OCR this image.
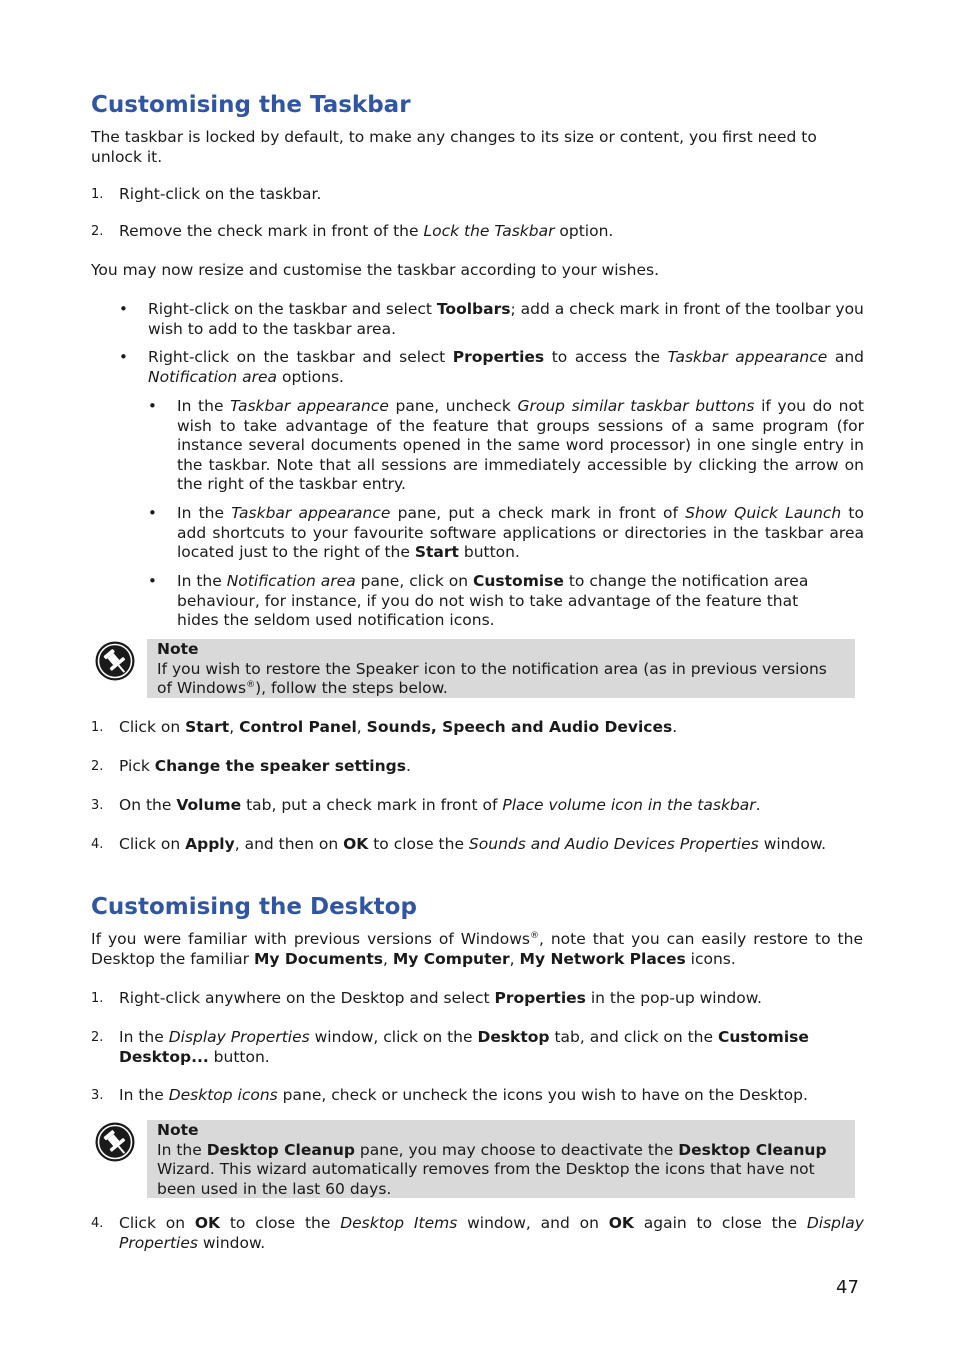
Customising the Taskbar

The taskbar is locked by default, to make any changes to its size or content, you first need to unlock it.

1.	Right-click on the taskbar.

2.	Remove the check mark in front of the Lock the Taskbar option.

You may now resize and customise the taskbar according to your wishes.

•	Right-click on the taskbar and select Toolbars; add a check mark in front of the toolbar you wish to add to the taskbar area.

•	Right-click on the taskbar and select Properties to access the Taskbar appearance and Notification area options.

•	In the Taskbar appearance pane, uncheck Group similar taskbar buttons if you do not wish to take advantage of the feature that groups sessions of a same program (for instance several documents opened in the same word processor) in one single entry in the taskbar. Note that all sessions are immediately accessible by clicking the arrow on the right of the taskbar entry.

•	In the Taskbar appearance pane, put a check mark in front of Show Quick Launch to add shortcuts to your favourite software applications or directories in the taskbar area located just to the right of the Start button.

•	In the Notification area pane, click on Customise to change the notification area behaviour, for instance, if you do not wish to take advantage of the feature that hides the seldom used notification icons.

Note
If you wish to restore the Speaker icon to the notification area (as in previous versions of Windows®), follow the steps below.
1.	Click on Start, Control Panel, Sounds, Speech and Audio Devices.

2.	Pick Change the speaker settings.

3.	On the Volume tab, put a check mark in front of Place volume icon in the taskbar.

4.	Click on Apply, and then on OK to close the Sounds and Audio Devices Properties window.

Customising the Desktop

If you were familiar with previous versions of Windows®, note that you can easily restore to the Desktop the familiar My Documents, My Computer, My Network Places icons.

1.	Right-click anywhere on the Desktop and select Properties in the pop-up window.

2.	In the Display Properties window, click on the Desktop tab, and click on the Customise Desktop... button.

3.	In the Desktop icons pane, check or uncheck the icons you wish to have on the Desktop.

Note
In the Desktop Cleanup pane, you may choose to deactivate the Desktop Cleanup Wizard. This wizard automatically removes from the Desktop the icons that have not been used in the last 60 days.
4.	Click on OK to close the Desktop Items window, and on OK again to close the Display Properties window.

47
